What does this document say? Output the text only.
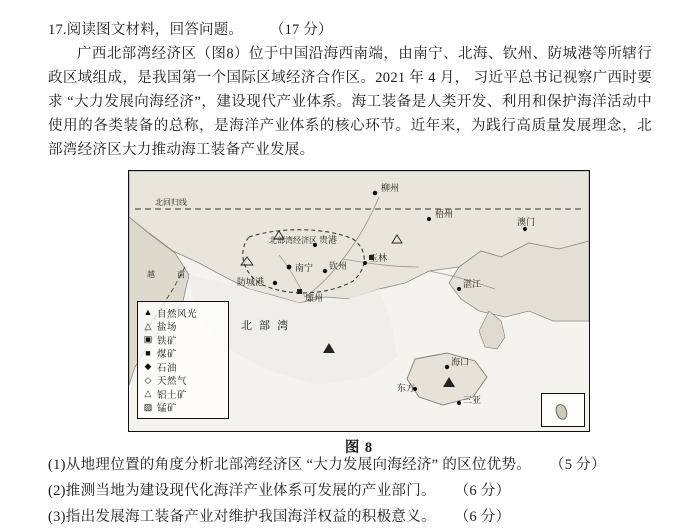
17.阅读图文材料，回答问题。 （17 分）
广西北部湾经济区（图8）位于中国沿海西南端，由南宁、北海、钦州、防城港等所辖行政区域组成，是我国第一个国际区域经济合作区。2021 年 4 月， 习近平总书记视察广西时要求 “大力发展向海经济”，建设现代产业体系。海工装备是人类开发、利用和保护海洋活动中使用的各类装备的总称，是海洋产业体系的核心环节。近年来，为践行高质量发展理念，北部湾经济区大力推动海工装备产业发展。
北回归线
柳州
梧州
贵港
南宁 钦州
防城港
玉林
湛江
澳门
海口
东方
三亚
廉州
越	南
北 部 湾
北部湾经济区
▲ 自然风光
△ 盐场
▣ 铁矿
■ 煤矿
◆ 石油
◇ 天然气
△ 铝土矿
▨ 锰矿
图 8
(1)从地理位置的角度分析北部湾经济区 “大力发展向海经济” 的区位优势。 （5 分）
(2)推测当地为建设现代化海洋产业体系可发展的产业部门。 （6 分）
(3)指出发展海工装备产业对维护我国海洋权益的积极意义。 （6 分）
